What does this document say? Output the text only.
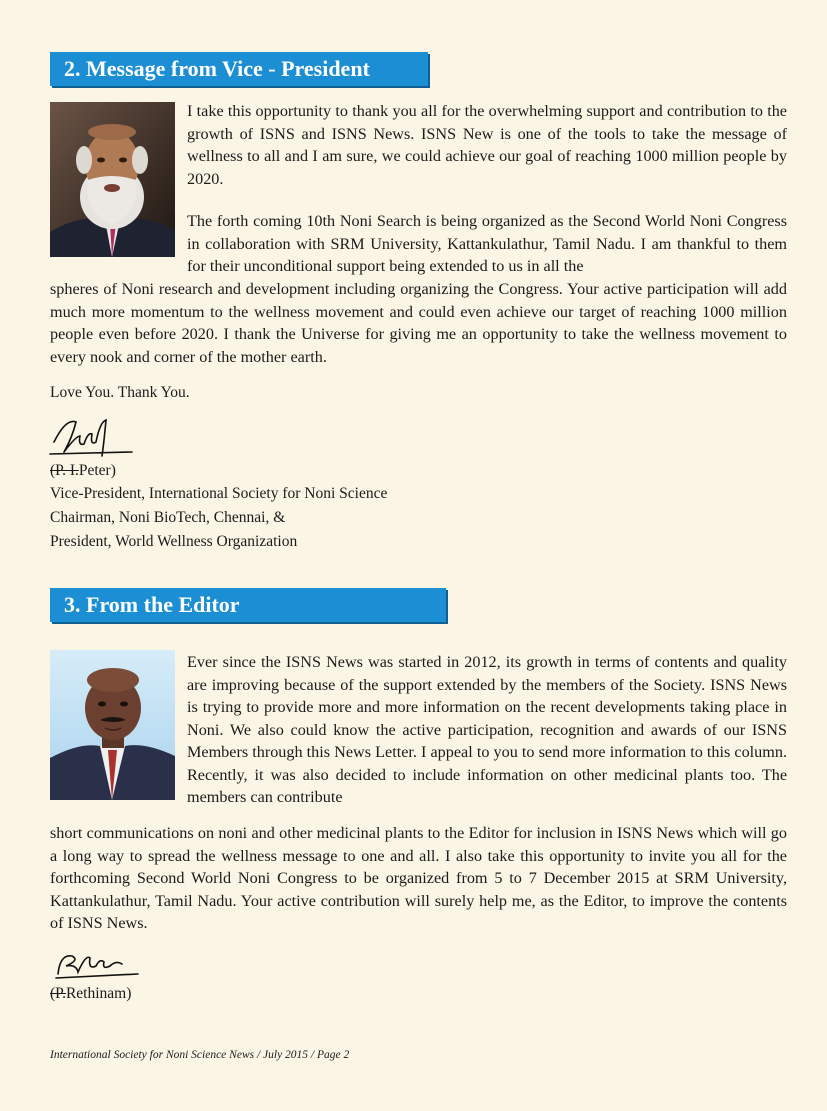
2. Message from Vice - President

I take this opportunity to thank you all for the overwhelming support and contribution to the growth of ISNS and ISNS News. ISNS New is one of the tools to take the message of wellness to all and I am sure, we could achieve our goal of reaching 1000 million people by 2020.

The forth coming 10th Noni Search is being organized as the Second World Noni Congress in collaboration with SRM University, Kattankulathur, Tamil Nadu. I am thankful to them for their unconditional support being extended to us in all the

spheres of Noni research and development including organizing the Congress. Your active participation will add much more momentum to the wellness movement and could even achieve our target of reaching 1000 million people even before 2020. I thank the Universe for giving me an opportunity to take the wellness movement to every nook and corner of the mother earth.

Love You. Thank You.
(P. I.Peter)
Vice-President, International Society for Noni Science
Chairman, Noni BioTech, Chennai, &
President, World Wellness Organization
3. From the Editor

Ever since the ISNS News was started in 2012, its growth in terms of contents and quality are improving because of the support extended by the members of the Society. ISNS News is trying to provide more and more information on the recent developments taking place in Noni. We also could know the active participation, recognition and awards of our ISNS Members through this News Letter. I appeal to you to send more information to this column. Recently, it was also decided to include information on other medicinal plants too. The members can contribute

short communications on noni and other medicinal plants to the Editor for inclusion in ISNS News which will go a long way to spread the wellness message to one and all. I also take this opportunity to invite you all for the forthcoming Second World Noni Congress to be organized from 5 to 7 December 2015 at SRM University, Kattankulathur, Tamil Nadu. Your active contribution will surely help me, as the Editor, to improve the contents of ISNS News.

(P.Rethinam)
International Society for Noni Science News / July 2015 / Page 2
